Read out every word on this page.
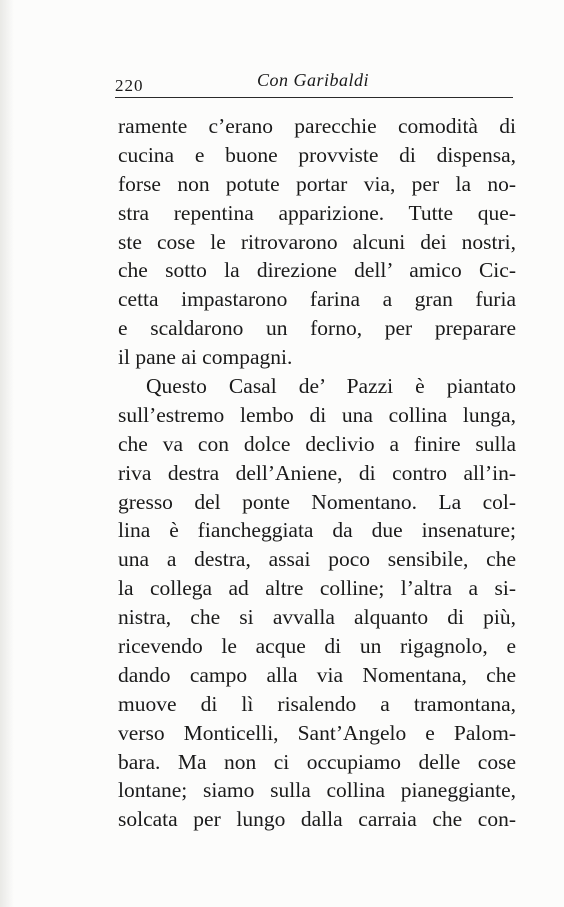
220	Con Garibaldi
ramente c’erano parecchie comodità di
cucina e buone provviste di dispensa,
forse non potute portar via, per la no-
stra repentina apparizione. Tutte que-
ste cose le ritrovarono alcuni dei nostri,
che sotto la direzione dell’ amico Cic-
cetta impastarono farina a gran furia
e scaldarono un forno, per preparare
il pane ai compagni.
Questo Casal de’ Pazzi è piantato
sull’estremo lembo di una collina lunga,
che va con dolce declivio a finire sulla
riva destra dell’Aniene, di contro all’in-
gresso del ponte Nomentano. La col-
lina è fiancheggiata da due insenature;
una a destra, assai poco sensibile, che
la collega ad altre colline; l’altra a si-
nistra, che si avvalla alquanto di più,
ricevendo le acque di un rigagnolo, e
dando campo alla via Nomentana, che
muove di lì risalendo a tramontana,
verso Monticelli, Sant’Angelo e Palom-
bara. Ma non ci occupiamo delle cose
lontane; siamo sulla collina pianeggiante,
solcata per lungo dalla carraia che con-
